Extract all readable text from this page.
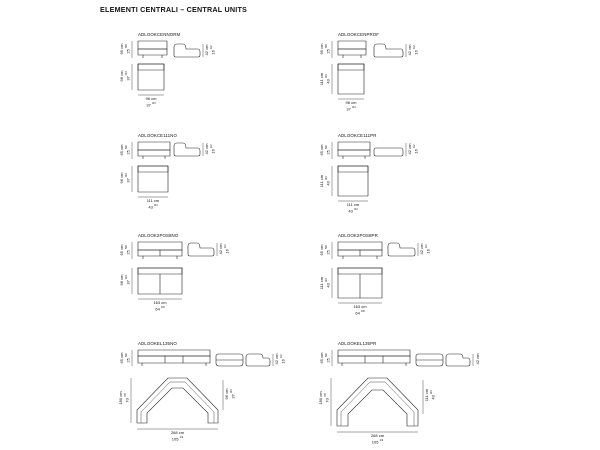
ELEMENTI CENTRALI – CENTRAL UNITS
ADLOOKCENNORM
65 cm
25 $^{5/8}$	42 cm
16 $^{1/2}$
96 cm
37 $^{3/4}$
96 cm
37 $^{3/4}$
ADLOOKCENPROF
65 cm
25 $^{5/8}$	42 cm
16 $^{1/2}$
111 cm
43 $^{3/4}$
96 cm
37 $^{3/4}$
ADLOOKCE111NO
65 cm
25 $^{5/8}$	42 cm
16 $^{1/2}$
96 cm
37 $^{3/4}$
111 cm
43 $^{3/4}$
ADLOOKCE111PR
65 cm
25 $^{5/8}$	42 cm
16 $^{1/2}$
111 cm
43 $^{3/4}$
111 cm
43 $^{3/4}$
ADLOOK2POS8NO
65 cm
25 $^{5/8}$	42 cm
16 $^{1/2}$
96 cm
37 $^{3/4}$
163 cm
64 $^{1/8}$
ADLOOK2POS8PR
65 cm
25 $^{5/8}$	42 cm
16 $^{1/2}$
111 cm
43 $^{3/4}$
163 cm
64 $^{1/8}$
ADLOOKEL135NO
65 cm
25 $^{5/8}$	42 cm
16 $^{1/2}$
180 cm
70 $^{7/8}$	96 cm
37 $^{3/4}$
268 cm
105 $^{1/2}$
ADLOOKEL135PR
65 cm
25 $^{5/8}$	42 cm
180 cm
70 $^{7/8}$	111 cm
43 $^{3/4}$
268 cm
105 $^{1/2}$
